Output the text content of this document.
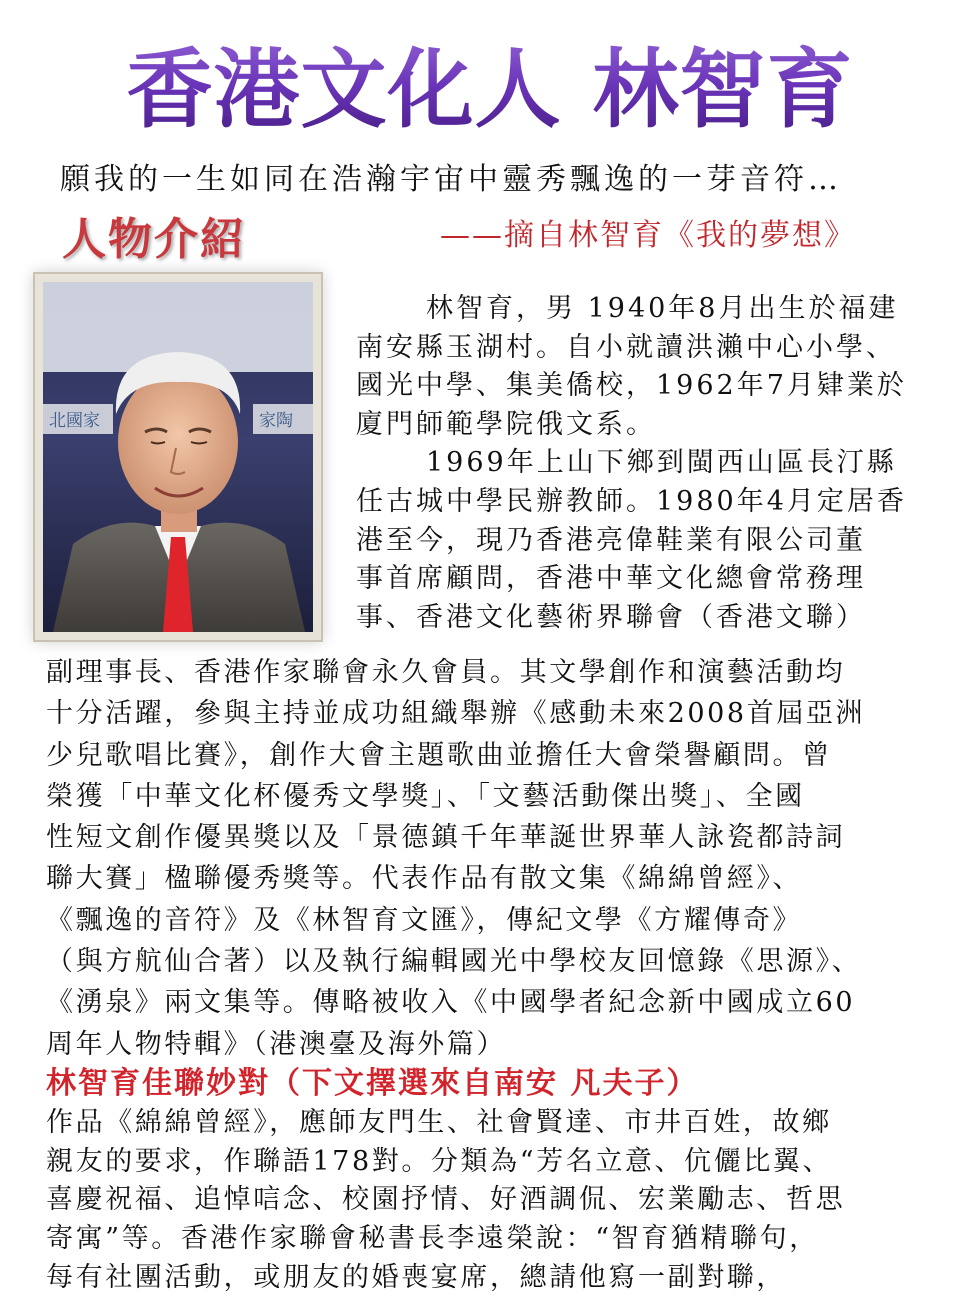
香港文化人 林智育
願我的一生如同在浩瀚宇宙中靈秀飄逸的一芽音符…
人物介紹	——摘自林智育《我的夢想》
北國家	家陶

林智育，男 1940年8月出生於福建

南安縣玉湖村。自小就讀洪瀨中心小學、

國光中學、集美僑校，1962年7月肄業於

廈門師範學院俄文系。

1969年上山下鄉到閩西山區長汀縣

任古城中學民辦教師。1980年4月定居香

港至今，現乃香港亮偉鞋業有限公司董

事首席顧問，香港中華文化總會常務理

事、香港文化藝術界聯會（香港文聯）

副理事長、香港作家聯會永久會員。其文學創作和演藝活動均

十分活躍，參與主持並成功組織舉辦《感動未來2008首屆亞洲

少兒歌唱比賽》，創作大會主題歌曲並擔任大會榮譽顧問。曾

榮獲「中華文化杯優秀文學獎」、「文藝活動傑出獎」、全國

性短文創作優異獎以及「景德鎮千年華誕世界華人詠瓷都詩詞

聯大賽」楹聯優秀獎等。代表作品有散文集《綿綿曾經》、

《飄逸的音符》及《林智育文匯》，傳紀文學《方耀傳奇》

（與方航仙合著）以及執行編輯國光中學校友回憶錄《思源》、

《湧泉》兩文集等。傳略被收入《中國學者紀念新中國成立60

周年人物特輯》（港澳臺及海外篇）

林智育佳聯妙對（下文擇選來自南安 凡夫子）

作品《綿綿曾經》，應師友門生、社會賢達、市井百姓，故鄉

親友的要求，作聯語178對。分類為“芳名立意、伉儷比翼、

喜慶祝福、追悼唁念、校園抒情、好酒調侃、宏業勵志、哲思

寄寓”等。香港作家聯會秘書長李遠榮說：“智育猶精聯句，

每有社團活動，或朋友的婚喪宴席，總請他寫一副對聯，
